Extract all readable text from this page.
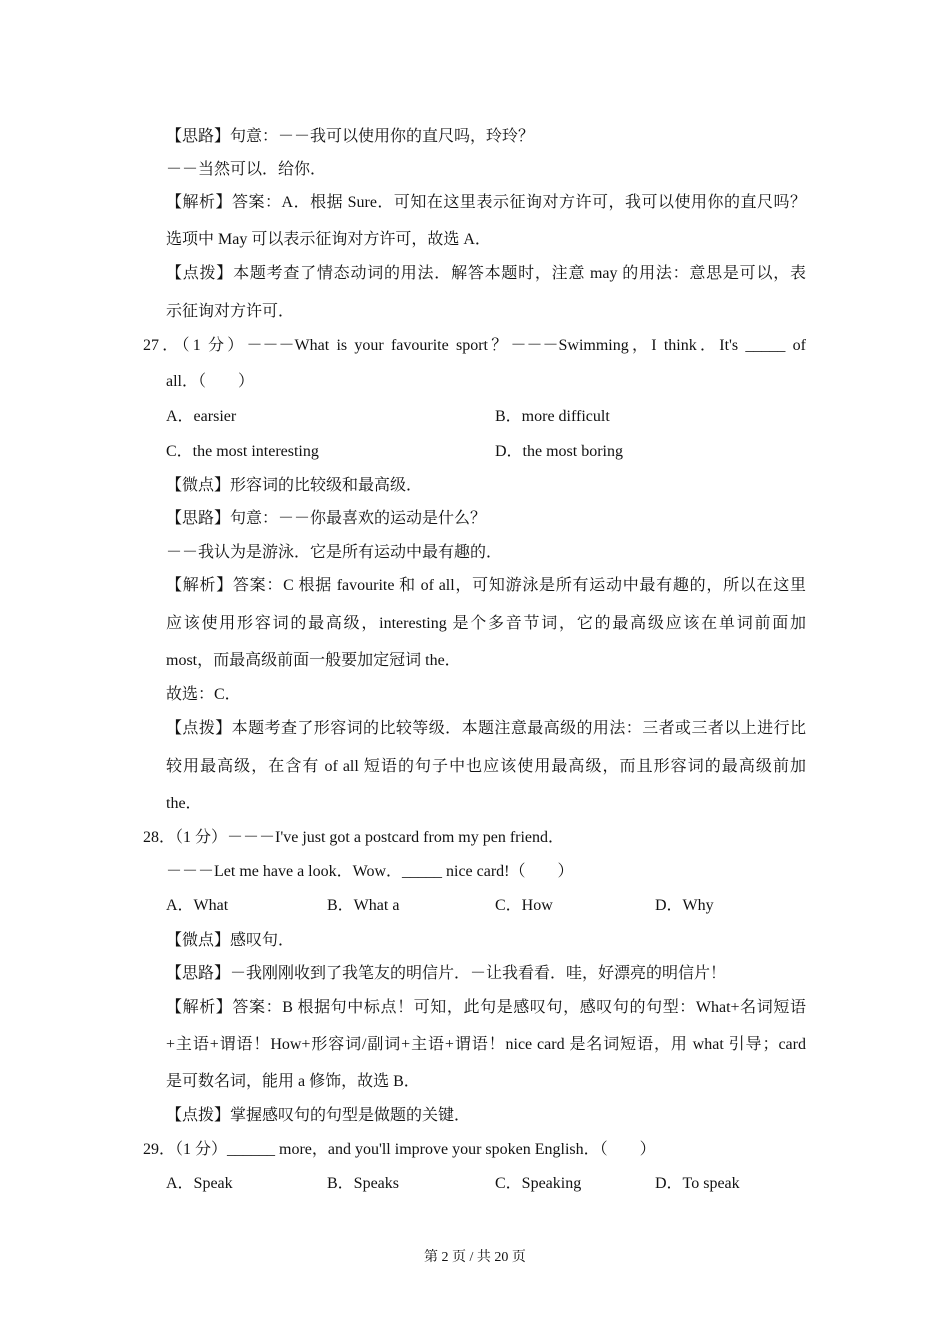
【思路】句意：－－我可以使用你的直尺吗，玲玲？
－－当然可以．给你．
【解析】答案：A．根据 Sure．可知在这里表示征询对方许可，我可以使用你的直尺吗？
选项中 May 可以表示征询对方许可，故选 A．
【点拨】本题考查了情态动词的用法．解答本题时，注意 may 的用法：意思是可以，表
示征询对方许可．
27．（1 分）－－－What is your favourite sport？－－－Swimming，I think．It's _____ of
all．（　　）
A．earsier	B．more difficult
C．the most interesting	D．the most boring
【微点】形容词的比较级和最高级．
【思路】句意：－－你最喜欢的运动是什么？
－－我认为是游泳．它是所有运动中最有趣的．
【解析】答案：C 根据 favourite 和 of all，可知游泳是所有运动中最有趣的，所以在这里
应该使用形容词的最高级，interesting 是个多音节词，它的最高级应该在单词前面加
most，而最高级前面一般要加定冠词 the．
故选：C．
【点拨】本题考查了形容词的比较等级．本题注意最高级的用法：三者或三者以上进行比
较用最高级，在含有 of all 短语的句子中也应该使用最高级，而且形容词的最高级前加
the．
28．（1 分）－－－I've just got a postcard from my pen friend．
－－－Let me have a look．Wow．_____ nice card!（　　）
A．What	B．What a	C．How	D．Why
【微点】感叹句．
【思路】－我刚刚收到了我笔友的明信片．－让我看看．哇，好漂亮的明信片！
【解析】答案：B 根据句中标点！可知，此句是感叹句，感叹句的句型：What+名词短语
+主语+谓语！How+形容词/副词+主语+谓语！nice card 是名词短语，用 what 引导；card
是可数名词，能用 a 修饰，故选 B．
【点拨】掌握感叹句的句型是做题的关键．
29．（1 分）______ more，and you'll improve your spoken English．（　　）
A．Speak	B．Speaks	C．Speaking	D．To speak
第 2 页 / 共 20 页
